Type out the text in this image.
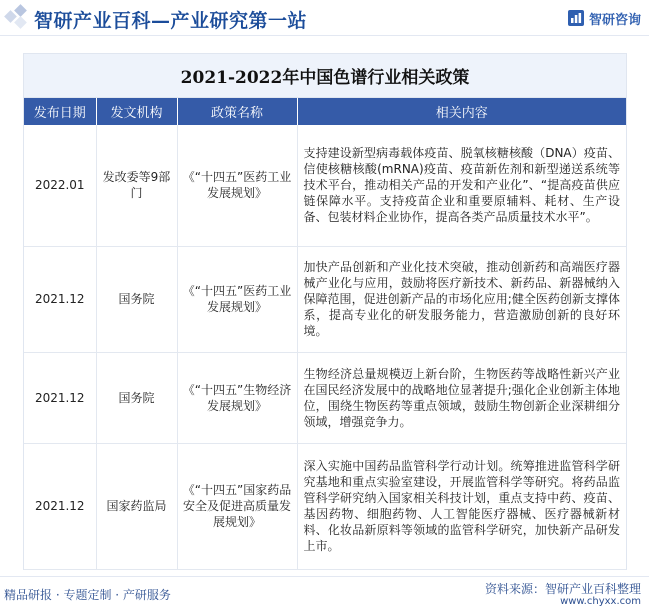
智研产业百科—产业研究第一站	智研咨询
2021-2022年中国色谱行业相关政策
发布日期	发文机构	政策名称	相关内容
2022.01	发改委等9部门	《“十四五”医药工业发展规划》	支持建设新型病毒载体疫苗、脱氧核糖核酸（DNA）疫苗、信使核糖核酸(mRNA)疫苗、疫苗新佐剂和新型递送系统等技术平台，推动相关产品的开发和产业化”、“提高疫苗供应链保障水平。支持疫苗企业和重要原辅料、耗材、生产设备、包装材料企业协作，提高各类产品质量技术水平”。
2021.12	国务院	《“十四五”医药工业发展规划》	加快产品创新和产业化技术突破，推动创新药和高端医疗器械产业化与应用，鼓励将医疗新技术、新药品、新器械纳入保障范围，促进创新产品的市场化应用;健全医药创新支撑体系，提高专业化的研发服务能力，营造激励创新的良好环境。
2021.12	国务院	《“十四五”生物经济发展规划》	生物经济总量规模迈上新台阶，生物医药等战略性新兴产业在国民经济发展中的战略地位显著提升;强化企业创新主体地位，围绕生物医药等重点领域，鼓励生物创新企业深耕细分领域，增强竞争力。
2021.12	国家药监局	《“十四五”国家药品安全及促进高质量发展规划》	深入实施中国药品监管科学行动计划。统筹推进监管科学研究基地和重点实验室建设，开展监管科学等研究。将药品监管科学研究纳入国家相关科技计划，重点支持中药、疫苗、基因药物、细胞药物、人工智能医疗器械、医疗器械新材料、化妆品新原料等领域的监管科学研究，加快新产品研发上市。
精品研报 · 专题定制 · 产研服务	资料来源：智研产业百科整理
www.chyxx.com
